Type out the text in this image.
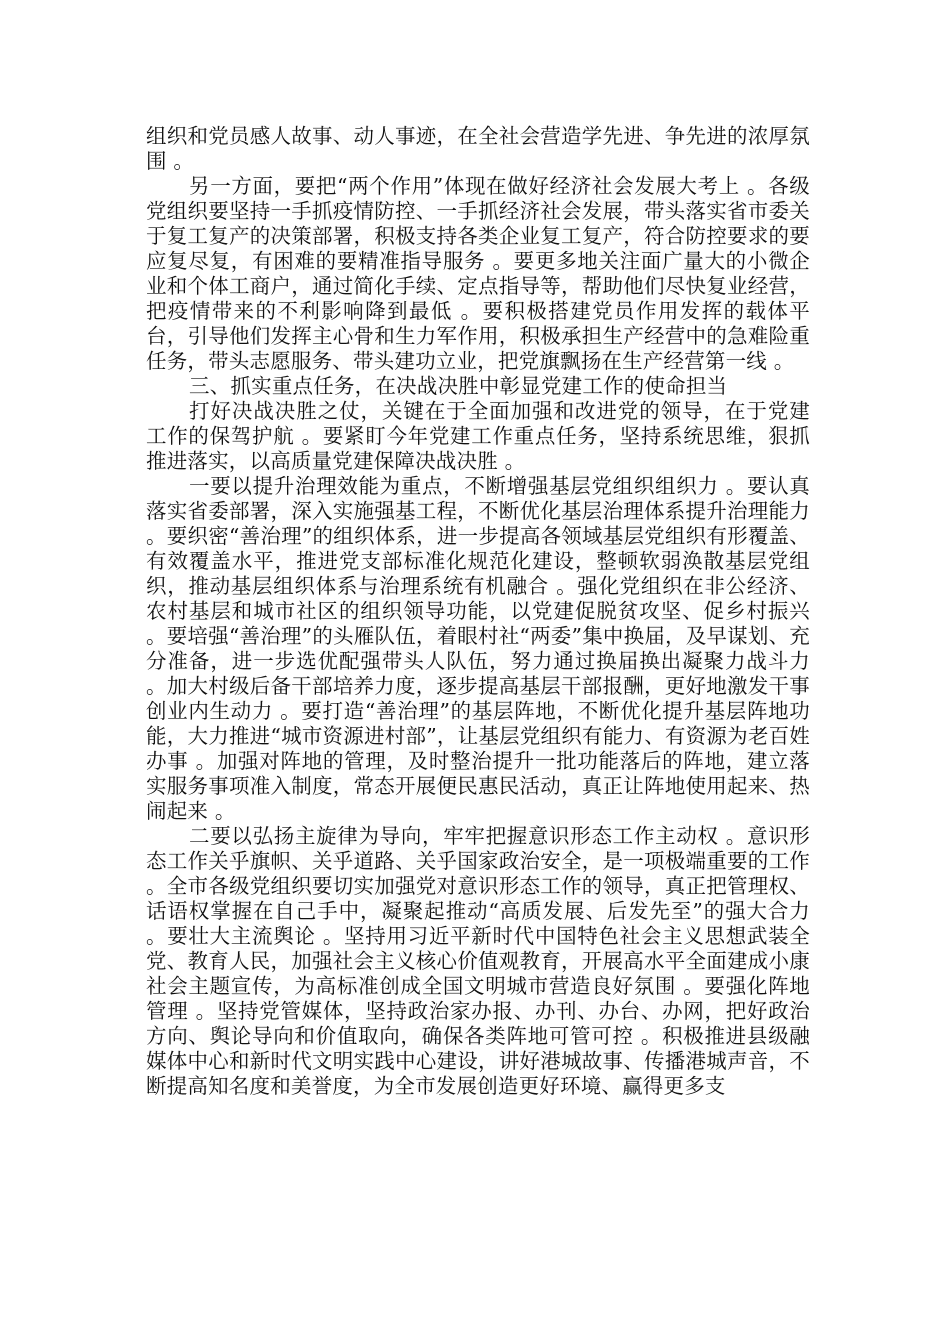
组织和党员感人故事、动人事迹，在全社会营造学先进、争先进的浓厚氛围 。

另一方面，要把“两个作用”体现在做好经济社会发展大考上 。各级党组织要坚持一手抓疫情防控、一手抓经济社会发展，带头落实省市委关于复工复产的决策部署，积极支持各类企业复工复产，符合防控要求的要应复尽复，有困难的要精准指导服务 。要更多地关注面广量大的小微企业和个体工商户，通过简化手续、定点指导等，帮助他们尽快复业经营，把疫情带来的不利影响降到最低 。要积极搭建党员作用发挥的载体平台，引导他们发挥主心骨和生力军作用，积极承担生产经营中的急难险重任务，带头志愿服务、带头建功立业，把党旗飘扬在生产经营第一线 。

三、抓实重点任务，在决战决胜中彰显党建工作的使命担当

打好决战决胜之仗，关键在于全面加强和改进党的领导，在于党建工作的保驾护航 。要紧盯今年党建工作重点任务，坚持系统思维，狠抓推进落实，以高质量党建保障决战决胜 。

一要以提升治理效能为重点，不断增强基层党组织组织力 。要认真落实省委部署，深入实施强基工程，不断优化基层治理体系提升治理能力 。要织密“善治理”的组织体系，进一步提高各领域基层党组织有形覆盖、有效覆盖水平，推进党支部标准化规范化建设，整顿软弱涣散基层党组织，推动基层组织体系与治理系统有机融合 。强化党组织在非公经济、农村基层和城市社区的组织领导功能，以党建促脱贫攻坚、促乡村振兴 。要培强“善治理”的头雁队伍，着眼村社“两委”集中换届，及早谋划、充分准备，进一步选优配强带头人队伍，努力通过换届换出凝聚力战斗力 。加大村级后备干部培养力度，逐步提高基层干部报酬，更好地激发干事创业内生动力 。要打造“善治理”的基层阵地，不断优化提升基层阵地功能，大力推进“城市资源进村部”，让基层党组织有能力、有资源为老百姓办事 。加强对阵地的管理，及时整治提升一批功能落后的阵地，建立落实服务事项准入制度，常态开展便民惠民活动，真正让阵地使用起来、热闹起来 。

二要以弘扬主旋律为导向，牢牢把握意识形态工作主动权 。意识形态工作关乎旗帜、关乎道路、关乎国家政治安全，是一项极端重要的工作 。全市各级党组织要切实加强党对意识形态工作的领导，真正把管理权、话语权掌握在自己手中，凝聚起推动“高质发展、后发先至”的强大合力 。要壮大主流舆论 。坚持用习近平新时代中国特色社会主义思想武装全党、教育人民，加强社会主义核心价值观教育，开展高水平全面建成小康社会主题宣传，为高标准创成全国文明城市营造良好氛围 。要强化阵地管理 。坚持党管媒体，坚持政治家办报、办刊、办台、办网，把好政治方向、舆论导向和价值取向，确保各类阵地可管可控 。积极推进县级融媒体中心和新时代文明实践中心建设，讲好港城故事、传播港城声音，不断提高知名度和美誉度，为全市发展创造更好环境、赢得更多支
